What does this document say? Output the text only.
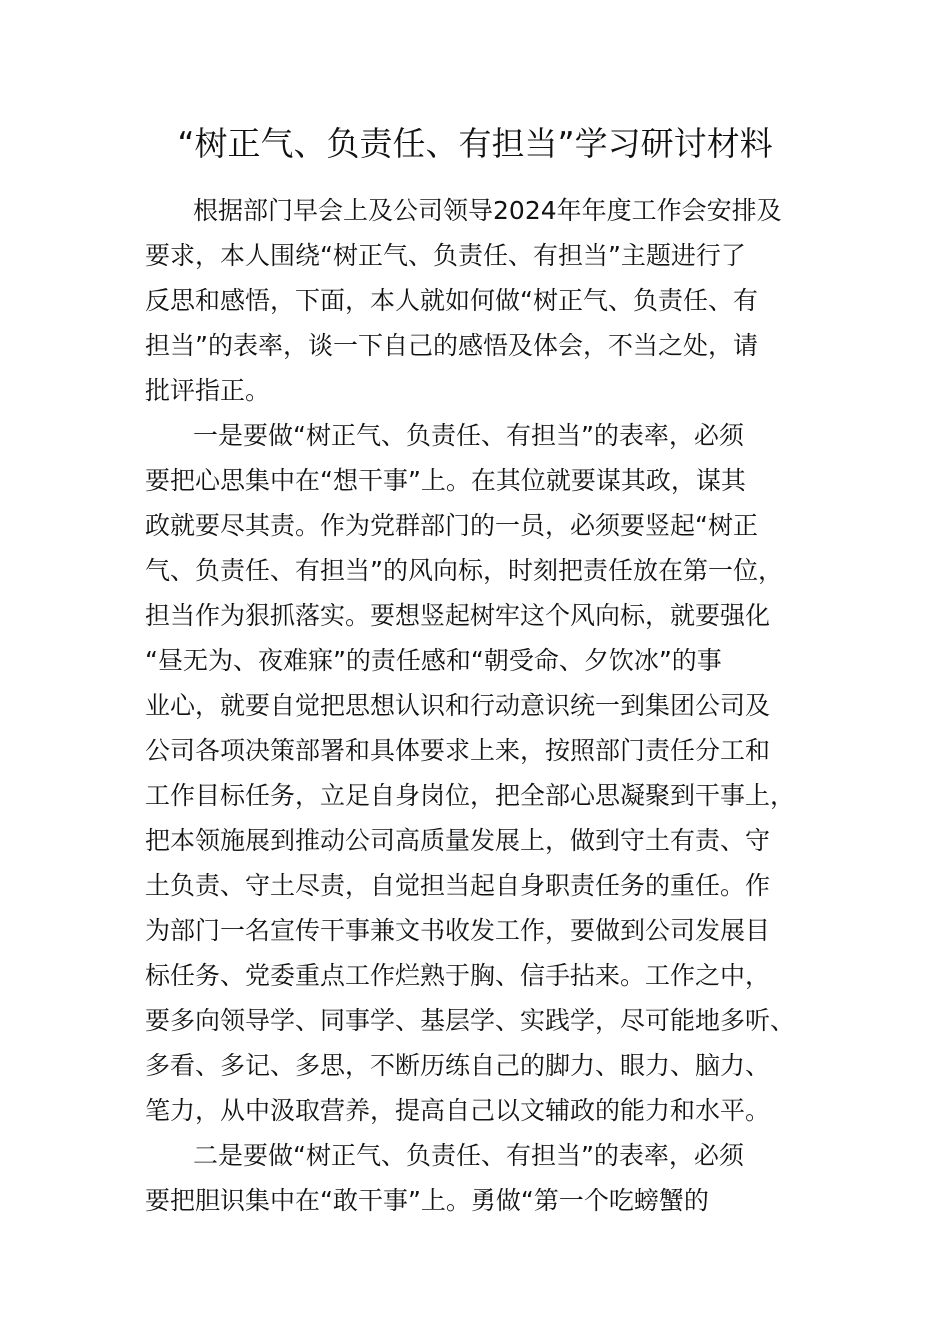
“树正气、负责任、有担当”学习研讨材料

根据部门早会上及公司领导2024年年度工作会安排及

要求，本人围绕“树正气、负责任、有担当”主题进行了

反思和感悟，下面，本人就如何做“树正气、负责任、有

担当”的表率，谈一下自己的感悟及体会，不当之处，请

批评指正。

一是要做“树正气、负责任、有担当”的表率，必须

要把心思集中在“想干事”上。在其位就要谋其政，谋其

政就要尽其责。作为党群部门的一员，必须要竖起“树正

气、负责任、有担当”的风向标，时刻把责任放在第一位，

担当作为狠抓落实。要想竖起树牢这个风向标，就要强化

“昼无为、夜难寐”的责任感和“朝受命、夕饮冰”的事

业心，就要自觉把思想认识和行动意识统一到集团公司及

公司各项决策部署和具体要求上来，按照部门责任分工和

工作目标任务，立足自身岗位，把全部心思凝聚到干事上，

把本领施展到推动公司高质量发展上，做到守土有责、守

土负责、守土尽责，自觉担当起自身职责任务的重任。作

为部门一名宣传干事兼文书收发工作，要做到公司发展目

标任务、党委重点工作烂熟于胸、信手拈来。工作之中，

要多向领导学、同事学、基层学、实践学，尽可能地多听、

多看、多记、多思，不断历练自己的脚力、眼力、脑力、

笔力，从中汲取营养，提高自己以文辅政的能力和水平。

二是要做“树正气、负责任、有担当”的表率，必须

要把胆识集中在“敢干事”上。勇做“第一个吃螃蟹的
